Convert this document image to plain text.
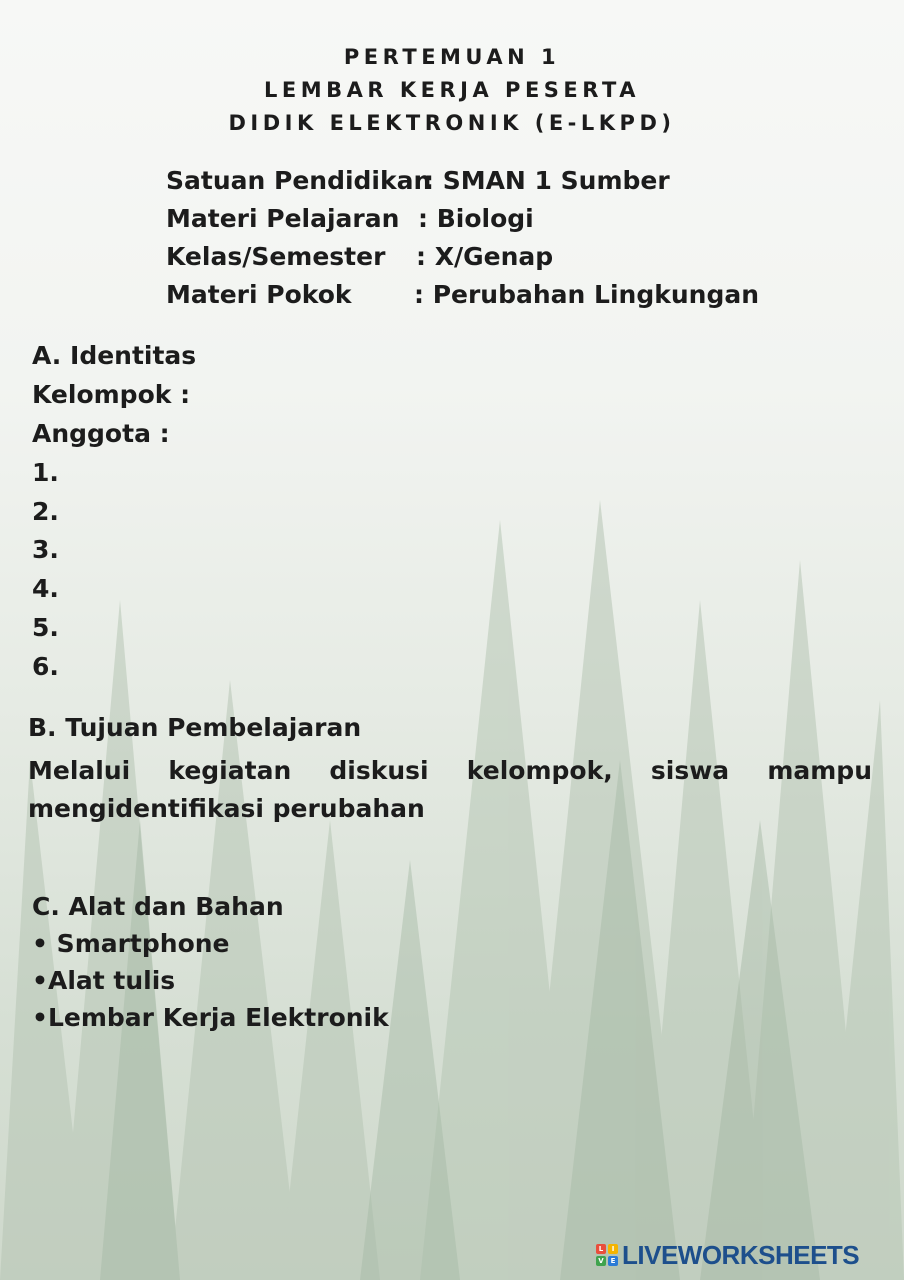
PERTEMUAN 1
LEMBAR KERJA PESERTA
DIDIK ELEKTRONIK (E-LKPD)
Satuan Pendidikan: SMAN 1 Sumber
Materi Pelajaran : Biologi
Kelas/Semester : X/Genap
Materi Pokok : Perubahan Lingkungan
A. Identitas
Kelompok :
Anggota :
1.
2.
3.
4.
5.
6.
B. Tujuan Pembelajaran
Melalui kegiatan diskusi kelompok, siswa mampu mengidentifikasi perubahan
C. Alat dan Bahan
• Smartphone
•Alat tulis
•Lembar Kerja Elektronik
L	I
V E LIVEWORKSHEETS
